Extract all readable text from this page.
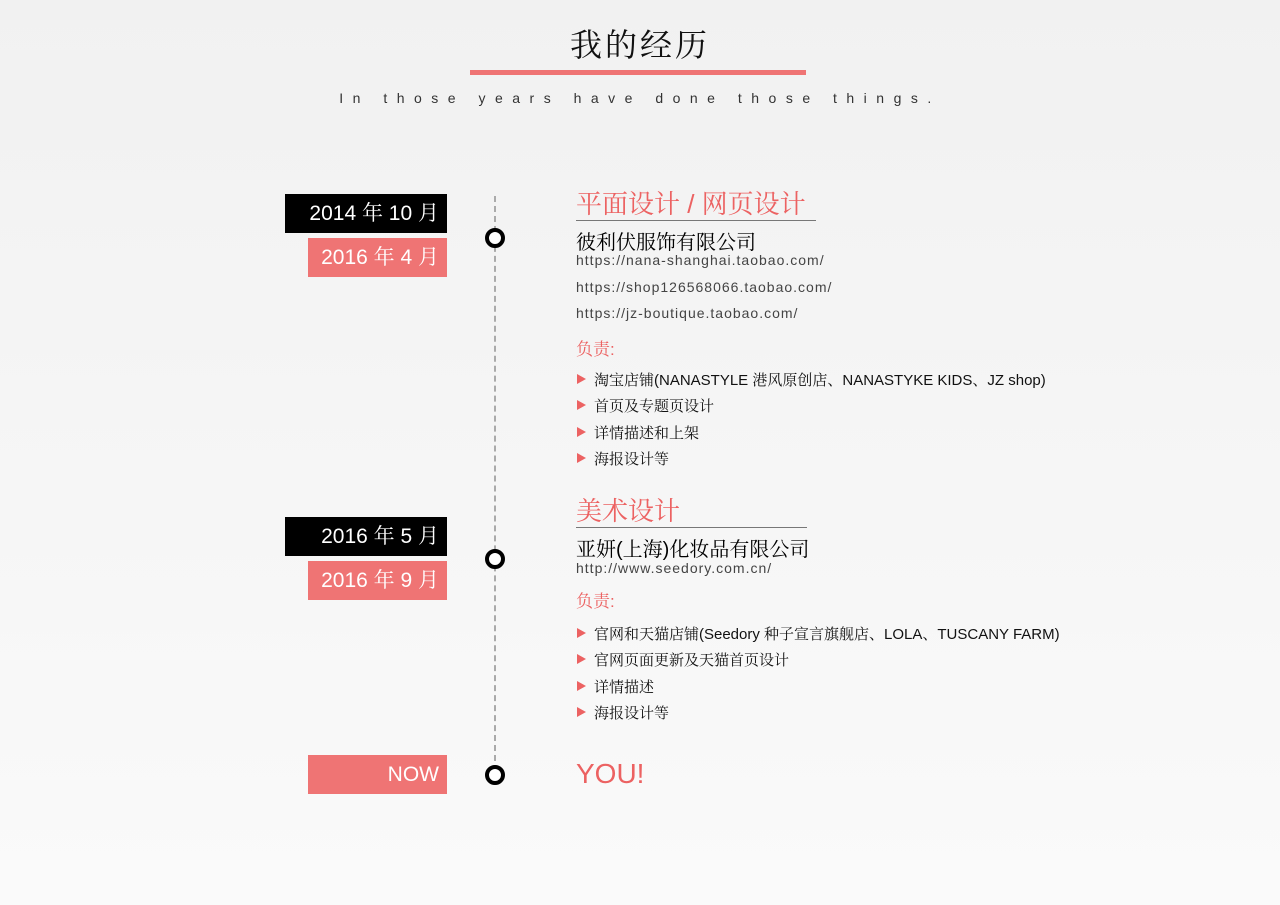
我的经历
In those years have done those things.
2014 年 10 月
2016 年 4 月
平面设计 / 网页设计
彼利伏服饰有限公司
https://nana-shanghai.taobao.com/
https://shop126568066.taobao.com/
https://jz-boutique.taobao.com/
负责:
淘宝店铺(NANASTYLE 港风原创店、NANASTYKE KIDS、JZ shop)
首页及专题页设计
详情描述和上架
海报设计等
2016 年 5 月
2016 年 9 月
美术设计
亚妍(上海)化妆品有限公司
http://www.seedory.com.cn/
负责:
官网和天猫店铺(Seedory 种子宣言旗舰店、LOLA、TUSCANY FARM)
官网页面更新及天猫首页设计
详情描述
海报设计等
NOW	YOU!
